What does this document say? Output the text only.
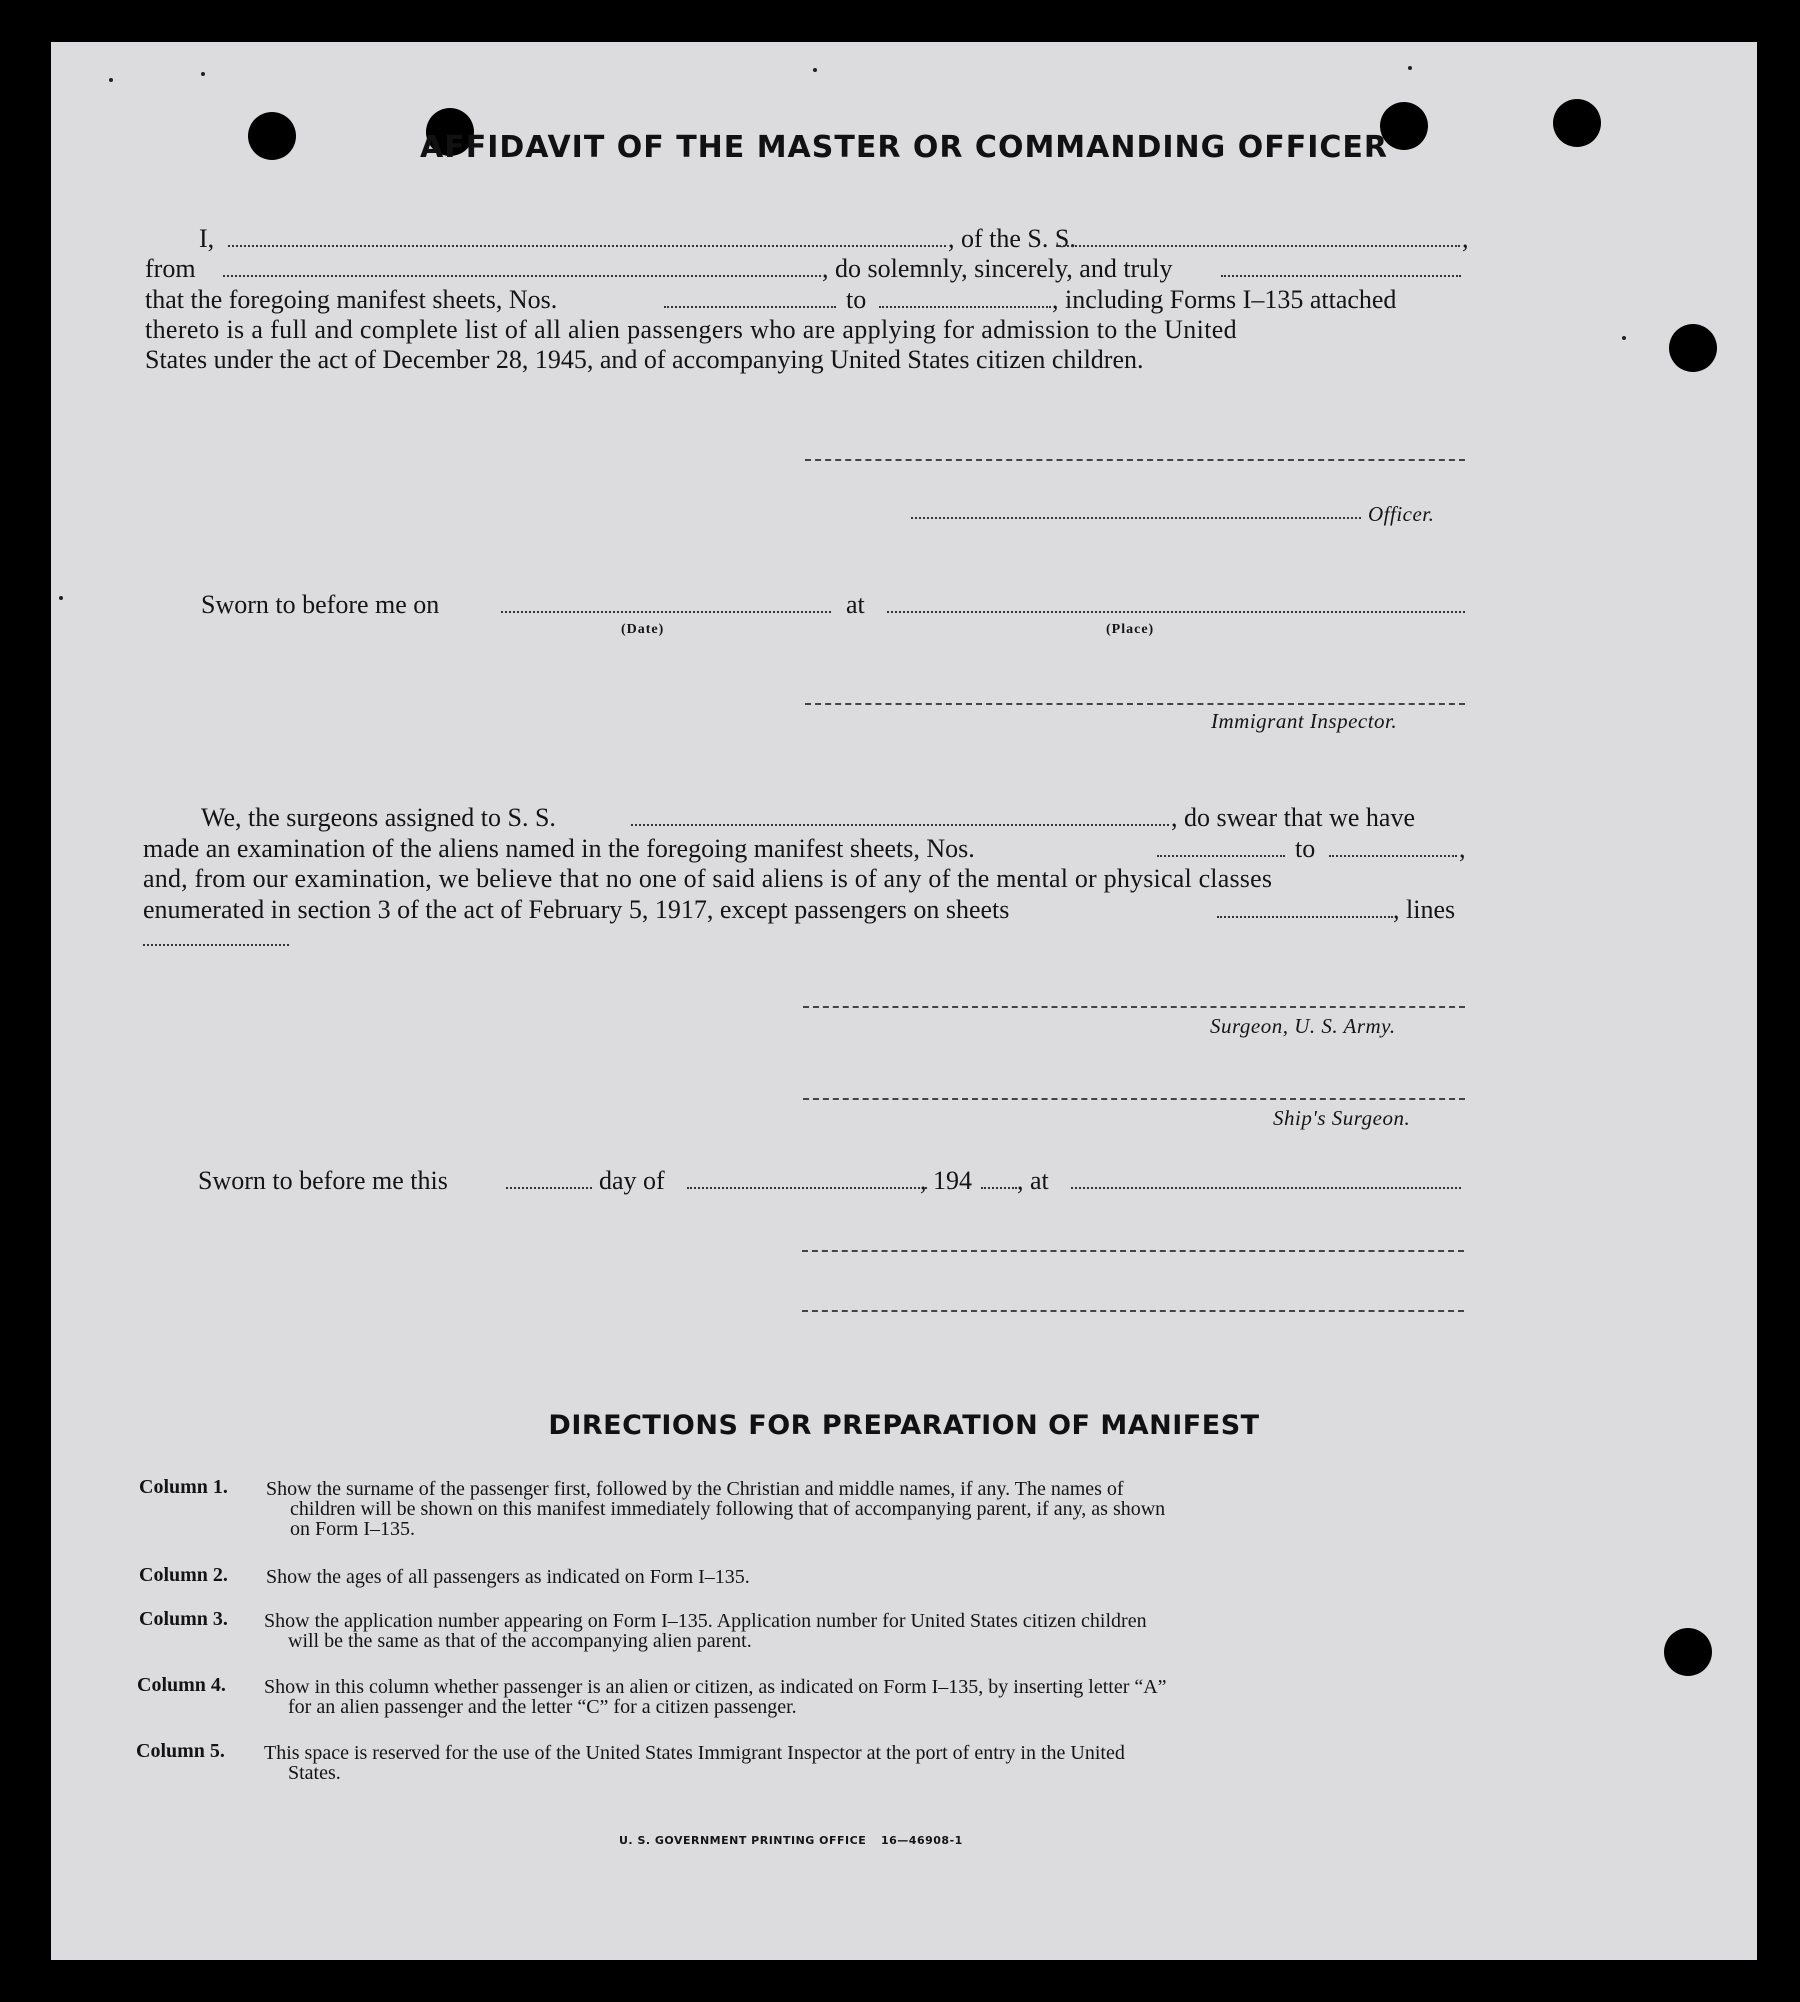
AFFIDAVIT OF THE MASTER OR COMMANDING OFFICER
I,	, of the S. S.	,
from	, do solemnly, sincerely, and truly
that the foregoing manifest sheets, Nos.	to	, including Forms I–135 attached
thereto is a full and complete list of all alien passengers who are applying for admission to the United
States under the act of December 28, 1945, and of accompanying United States citizen children.
Officer.
Sworn to before me on
(Date)
at
(Place)
Immigrant Inspector.
We, the surgeons assigned to S. S.	, do swear that we have
made an examination of the aliens named in the foregoing manifest sheets, Nos.	to	,
and, from our examination, we believe that no one of said aliens is of any of the mental or physical classes
enumerated in section 3 of the act of February 5, 1917, except passengers on sheets	, lines
Surgeon, U. S. Army.
Ship's Surgeon.
Sworn to before me this	day of	, 194 , at
DIRECTIONS FOR PREPARATION OF MANIFEST
Column 1. Show the surname of the passenger first, followed by the Christian and middle names, if any. The names of
children will be shown on this manifest immediately following that of accompanying parent, if any, as shown
on Form I–135.
Column 2. Show the ages of all passengers as indicated on Form I–135.
Column 3. Show the application number appearing on Form I–135. Application number for United States citizen children
will be the same as that of the accompanying alien parent.
Column 4. Show in this column whether passenger is an alien or citizen, as indicated on Form I–135, by inserting letter “A”
for an alien passenger and the letter “C” for a citizen passenger.
Column 5. This space is reserved for the use of the United States Immigrant Inspector at the port of entry in the United
States.
U. S. GOVERNMENT PRINTING OFFICE 16—46908-1
